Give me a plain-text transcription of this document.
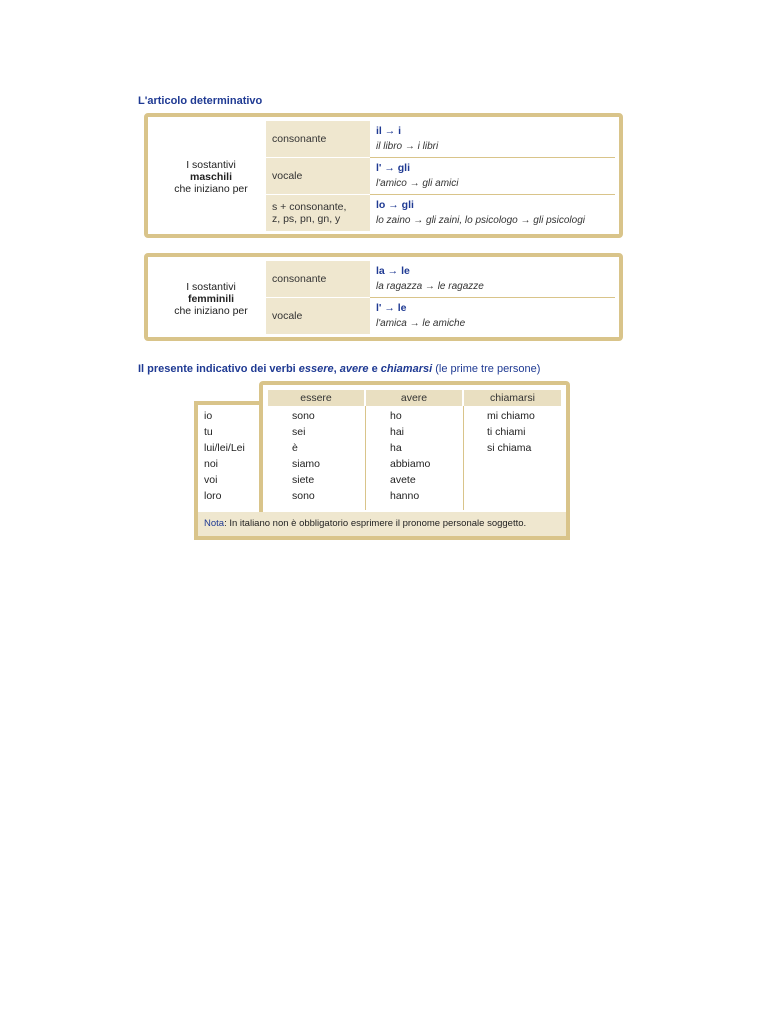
L'articolo determinativo
I sostantivi
maschili
che iniziano per
consonante
il → i
il libro → i libri
vocale
l' → gli
l'amico → gli amici
s + consonante,
z, ps, pn, gn, y
lo → gli
lo zaino → gli zaini, lo psicologo → gli psicologi
I sostantivi
femminili
che iniziano per
consonante
la → le
la ragazza → le ragazze
vocale
l' → le
l'amica → le amiche
Il presente indicativo dei verbi essere, avere e chiamarsi (le prime tre persone)
essere	avere	chiamarsi
io
tu
lui/lei/Lei
noi
voi
loro
sono
sei
è
siamo
siete
sono
ho
hai
ha
abbiamo
avete
hanno
mi chiamo
ti chiami
si chiama
Nota: In italiano non è obbligatorio esprimere il pronome personale soggetto.
